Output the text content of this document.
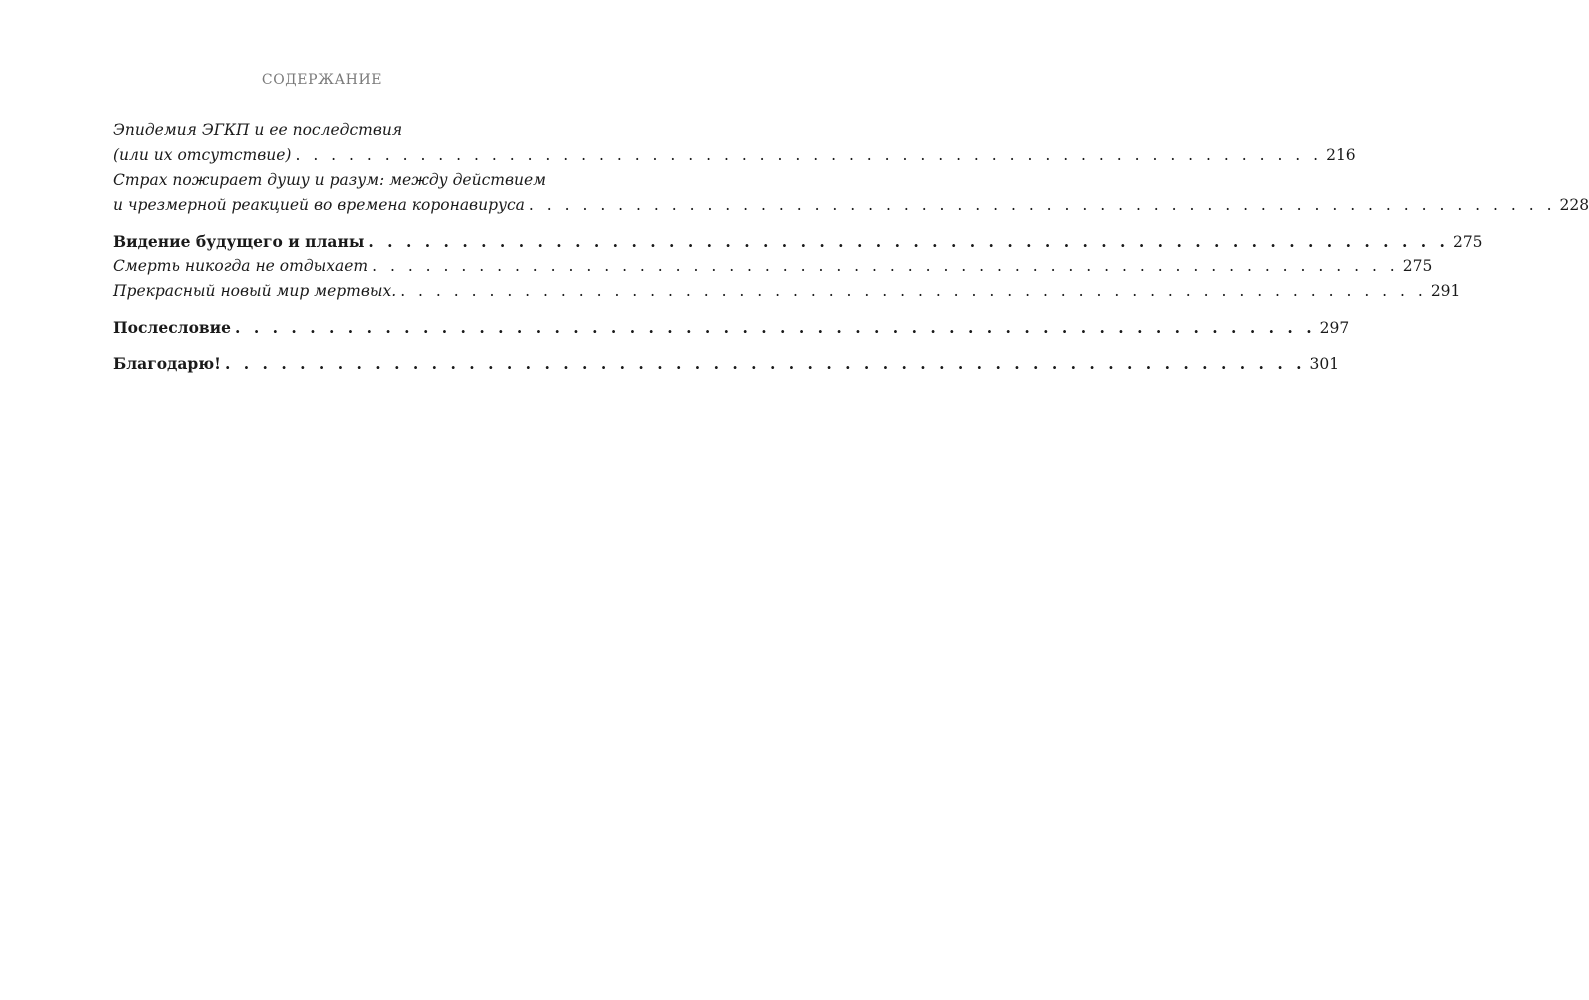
СОДЕРЖАНИЕ
Эпидемия ЭГКП и ее последствия
(или их отсутствие) . . . . . . . . . . . . . . . . . . . . . . . . . . . . . . . . . . . . . . . . . . . . . . . . . . . . . . . . . . 216
Страх пожирает душу и разум: между действием
и чрезмерной реакцией во времена коронавируса . . . . . . . . . . . . . . . . . . . . . . . . . . . . . . . . . . . . . . . . . . . . . . . . . . . . . . . . . . 228
Видение будущего и планы . . . . . . . . . . . . . . . . . . . . . . . . . . . . . . . . . . . . . . . . . . . . . . . . . . . . . . . . . . 275
Смерть никогда не отдыхает . . . . . . . . . . . . . . . . . . . . . . . . . . . . . . . . . . . . . . . . . . . . . . . . . . . . . . . . . . 275
Прекрасный новый мир мертвых. . . . . . . . . . . . . . . . . . . . . . . . . . . . . . . . . . . . . . . . . . . . . . . . . . . . . . . . . . . 291
Послесловие . . . . . . . . . . . . . . . . . . . . . . . . . . . . . . . . . . . . . . . . . . . . . . . . . . . . . . . . . . 297
Благодарю! . . . . . . . . . . . . . . . . . . . . . . . . . . . . . . . . . . . . . . . . . . . . . . . . . . . . . . . . . . 301
